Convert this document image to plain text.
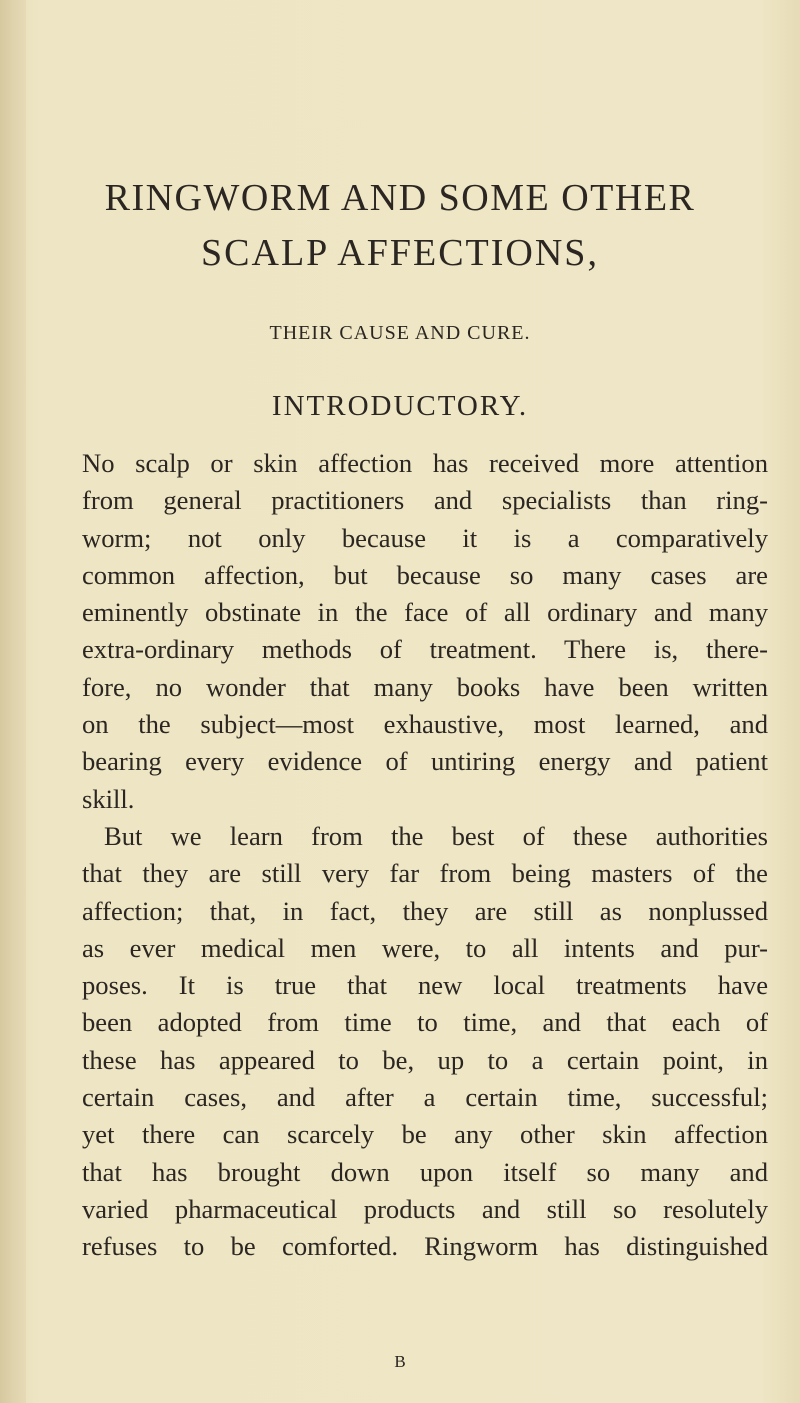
RINGWORM AND SOME OTHER
SCALP AFFECTIONS,
THEIR CAUSE AND CURE.
INTRODUCTORY.
No scalp or skin affection has received more attention
from general practitioners and specialists than ring-
worm; not only because it is a comparatively
common affection, but because so many cases are
eminently obstinate in the face of all ordinary and many
extra-ordinary methods of treatment. There is, there-
fore, no wonder that many books have been written
on the subject—most exhaustive, most learned, and
bearing every evidence of untiring energy and patient
skill.
But we learn from the best of these authorities
that they are still very far from being masters of the
affection; that, in fact, they are still as nonplussed
as ever medical men were, to all intents and pur-
poses. It is true that new local treatments have
been adopted from time to time, and that each of
these has appeared to be, up to a certain point, in
certain cases, and after a certain time, successful;
yet there can scarcely be any other skin affection
that has brought down upon itself so many and
varied pharmaceutical products and still so resolutely
refuses to be comforted. Ringworm has distinguished
B
